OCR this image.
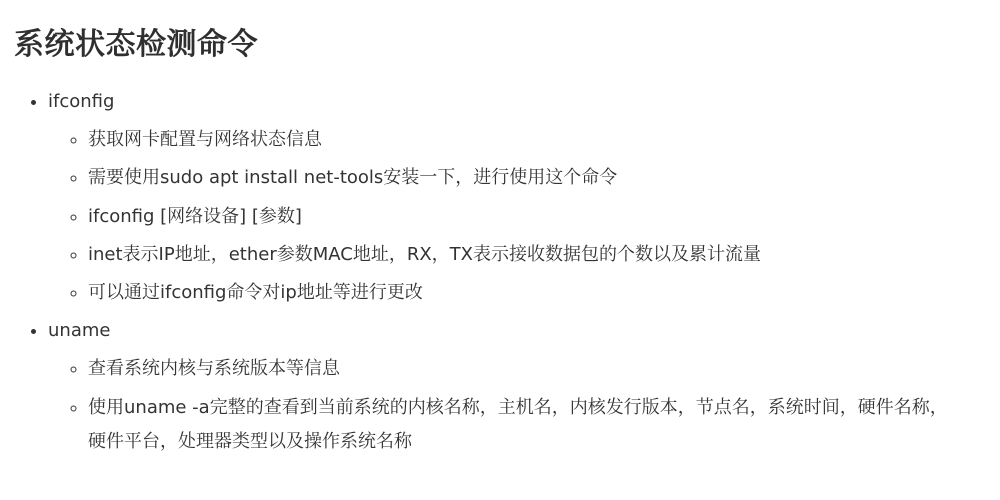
系统状态检测命令
• ifconfig
◦ 获取网卡配置与网络状态信息
◦ 需要使用sudo apt install net-tools安装一下，进行使用这个命令
◦ ifconfig [网络设备] [参数]
◦ inet表示IP地址，ether参数MAC地址，RX，TX表示接收数据包的个数以及累计流量
◦ 可以通过ifconfig命令对ip地址等进行更改
• uname
◦ 查看系统内核与系统版本等信息
◦ 使用uname -a完整的查看到当前系统的内核名称，主机名，内核发行版本，节点名，系统时间，硬件名称，硬件平台，处理器类型以及操作系统名称
